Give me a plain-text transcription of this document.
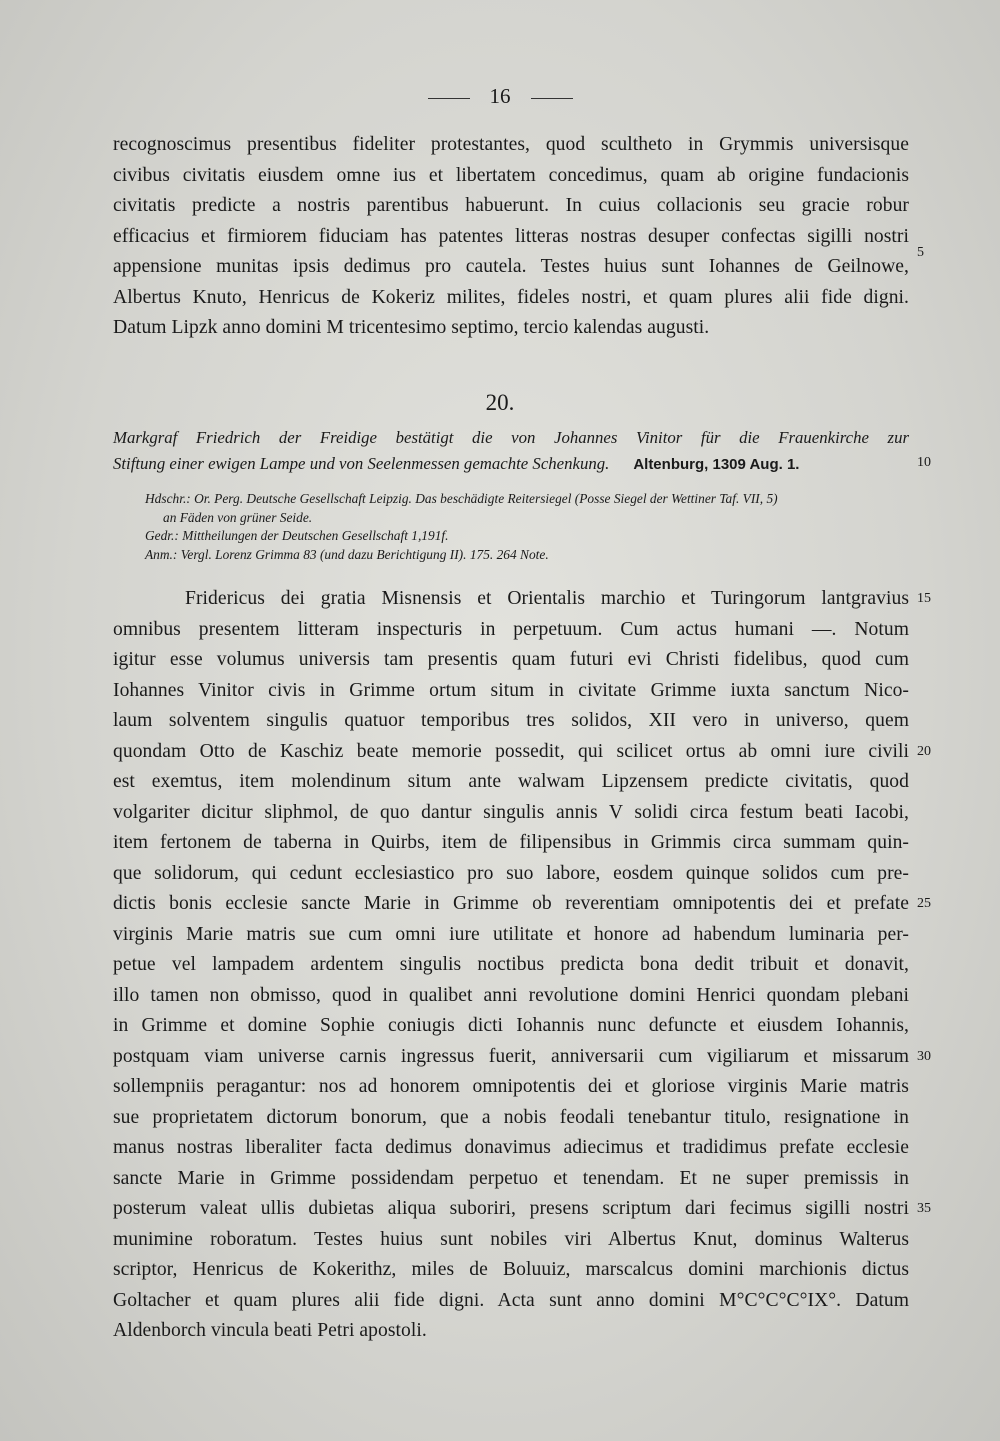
16
recognoscimus presentibus fideliter protestantes, quod scultheto in Grymmis universisque
civibus civitatis eiusdem omne ius et libertatem concedimus, quam ab origine fundacionis
civitatis predicte a nostris parentibus habuerunt. In cuius collacionis seu gracie robur
efficacius et firmiorem fiduciam has patentes litteras nostras desuper confectas sigilli nostri
appensione munitas ipsis dedimus pro cautela. Testes huius sunt Iohannes de Geilnowe,
Albertus Knuto, Henricus de Kokeriz milites, fideles nostri, et quam plures alii fide digni.
Datum Lipzk anno domini M tricentesimo septimo, tercio kalendas augusti.
5
20.
Markgraf Friedrich der Freidige bestätigt die von Johannes Vinitor für die Frauenkirche zur
Stiftung einer ewigen Lampe und von Seelenmessen gemachte Schenkung. Altenburg, 1309 Aug. 1.	10
Hdschr.: Or. Perg. Deutsche Gesellschaft Leipzig. Das beschädigte Reitersiegel (Posse Siegel der Wettiner Taf. VII, 5)
an Fäden von grüner Seide.
Gedr.: Mittheilungen der Deutschen Gesellschaft 1,191f.
Anm.: Vergl. Lorenz Grimma 83 (und dazu Berichtigung II). 175. 264 Note.
Fridericus dei gratia Misnensis et Orientalis marchio et Turingorum lantgravius
omnibus presentem litteram inspecturis in perpetuum. Cum actus humani —. Notum
igitur esse volumus universis tam presentis quam futuri evi Christi fidelibus, quod cum
Iohannes Vinitor civis in Grimme ortum situm in civitate Grimme iuxta sanctum Nico-
laum solventem singulis quatuor temporibus tres solidos, XII vero in universo, quem
quondam Otto de Kaschiz beate memorie possedit, qui scilicet ortus ab omni iure civili
est exemtus, item molendinum situm ante walwam Lipzensem predicte civitatis, quod
volgariter dicitur sliphmol, de quo dantur singulis annis V solidi circa festum beati Iacobi,
item fertonem de taberna in Quirbs, item de filipensibus in Grimmis circa summam quin-
que solidorum, qui cedunt ecclesiastico pro suo labore, eosdem quinque solidos cum pre-
dictis bonis ecclesie sancte Marie in Grimme ob reverentiam omnipotentis dei et prefate
virginis Marie matris sue cum omni iure utilitate et honore ad habendum luminaria per-
petue vel lampadem ardentem singulis noctibus predicta bona dedit tribuit et donavit,
illo tamen non obmisso, quod in qualibet anni revolutione domini Henrici quondam plebani
in Grimme et domine Sophie coniugis dicti Iohannis nunc defuncte et eiusdem Iohannis,
postquam viam universe carnis ingressus fuerit, anniversarii cum vigiliarum et missarum
sollempniis peragantur: nos ad honorem omnipotentis dei et gloriose virginis Marie matris
sue proprietatem dictorum bonorum, que a nobis feodali tenebantur titulo, resignatione in
manus nostras liberaliter facta dedimus donavimus adiecimus et tradidimus prefate ecclesie
sancte Marie in Grimme possidendam perpetuo et tenendam. Et ne super premissis in
posterum valeat ullis dubietas aliqua suboriri, presens scriptum dari fecimus sigilli nostri
munimine roboratum. Testes huius sunt nobiles viri Albertus Knut, dominus Walterus
scriptor, Henricus de Kokerithz, miles de Boluuiz, marscalcus domini marchionis dictus
Goltacher et quam plures alii fide digni. Acta sunt anno domini M°C°C°C°IX°. Datum
Aldenborch vincula beati Petri apostoli.
15
20
25
30
35
